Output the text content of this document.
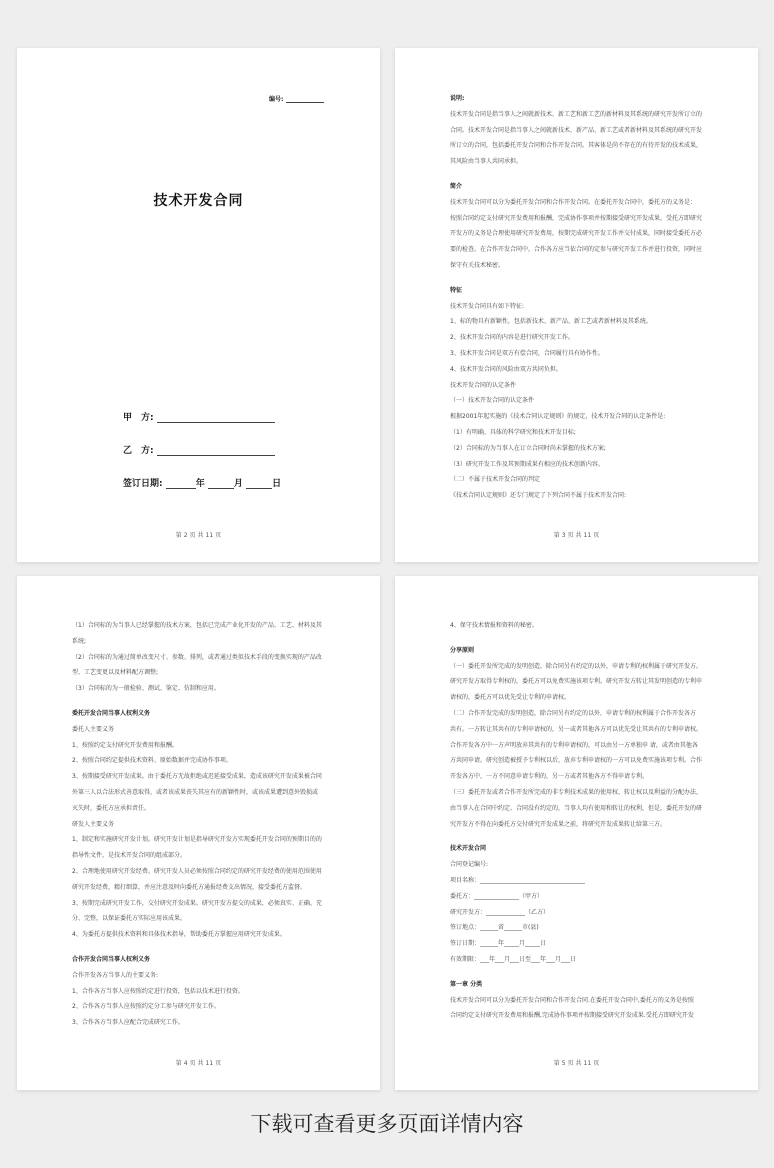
编号:
技术开发合同
甲　方:
乙　方:
签订日期:	年	月	日
第 2 页 共 11 页
说明:
技术开发合同是指当事人之间就新技术、新工艺和新工艺的新材料及其系统的研究开发所订立的
合同。技术开发合同是指当事人之间就新技术、新产品、新工艺或者新材料及其系统的研究开发
所订立的合同，包括委托开发合同和合作开发合同。其客体是尚不存在的有待开发的技术成果，
其风险由当事人共同承担。
简介
技术开发合同可以分为委托开发合同和合作开发合同。在委托开发合同中，委托方的义务是：
按照合同约定支付研究开发费用和报酬，完成协作事项并按期接受研究开发成果。受托方即研究
开发方的义务是合理使用研究开发费用，按期完成研究开发工作并交付成果，同时接受委托方必
要的检查。在合作开发合同中，合作各方应当依合同的定参与研究开发工作并进行投资，同时应
保守有关技术秘密。
特征
技术开发合同具有如下特征:
1、标的物具有新颖性，包括新技术、新产品、新工艺或者新材料及其系统。
2、技术开发合同的内容是进行研究开发工作。
3、技术开发合同是双方有偿合同，合同履行具有协作性。
4、技术开发合同的风险由双方共同负担。
技术开发合同的认定条件
（一）技术开发合同的认定条件
根据2001年起实施的《技术合同认定规则》的规定，技术开发合同的认定条件是:
（1）有明确、具体的科学研究和技术开发目标;
（2）合同标的为当事人在订立合同时尚未掌握的技术方案;
（3）研究开发工作及其预期成果有相应的技术创新内容。
（二）不属于技术开发合同的判定
《技术合同认定规则》还专门规定了下列合同不属于技术开发合同:
第 3 页 共 11 页
（1）合同标的为当事人已经掌握的技术方案，包括已完成产业化开发的产品、工艺、材料及其
系统;
（2）合同标的为通过简单改变尺寸、参数、排列，或者通过类似技术手段的变换实现的产品改
型、工艺变更以及材料配方调整;
（3）合同标的为一般检验、测试、鉴定、仿制和应用。
委托开发合同当事人权利义务
委托人主要义务
1、按照约定支付研究开发费用和报酬。
2、按照合同约定提供技术资料、原始数据并完成协作事项。
3、按期接受研究开发成果。由于委托方无故拒绝或迟延接受成果，造成该研究开发成果被合同
外第三人以合法形式善意取得，或者该成果丧失其应有的新颖性时，或该成果遭到意外毁损或
灭失时，委托方应承担责任。
研发人主要义务
1、制定和实施研究开发计划。研究开发计划是指导研究开发方实现委托开发合同的预期目的的
指导性文件，是技术开发合同的组成部分。
2、合理地使用研究开发经费。研究开发人员必须按照合同约定的研究开发经费的使用范围使用
研究开发经费，精打细算，并应注意及时向委托方通报经费支出情况，接受委托方监督。
3、按期完成研究开发工作，交付研究开发成果。研究开发方提交的成果，必须真实、正确、充
分、完整，以保证委托方实际应用该成果。
4、为委托方提供技术资料和具体技术指导，帮助委托方掌握应用研究开发成果。
合作开发合同当事人权利义务
合作开发各方当事人的主要义务:
1、合作各方当事人应按照约定进行投资，包括以技术进行投资。
2、合作各方当事人应按照约定分工参与研究开发工作。
3、合作各方当事人应配合完成研究工作。
第 4 页 共 11 页
4、保守技术情报和资料的秘密。
分享原则
（一）委托开发所完成的发明创造，除合同另有约定的以外，申请专利的权利属于研究开发方。
研究开发方取得专利权的，委托方可以免费实施该项专利。研究开发方转让其发明创造的专利申
请权的，委托方可以优先受让专利的申请权。
（二）合作开发完成的发明创造，除合同另有约定的以外，申请专利的权利属于合作开发各方
共有。一方转让其共有的专利申请权的，另一或者其他各方可以优先受让其共有的专利申请权。
合作开发各方中一方声明放弃其共有的专利申请权的，可以由另一方单独申 请，或者由其他各
方共同申请。研究创造被授予专利权以后，放弃专利申请权的一方可以免费实施该项专利。合作
开发各方中，一方不同意申请专利的，另一方或者其他各方不得申请专利。
（三）委托开发或者合作开发所完成的非专利技术成果的使用权、转让权以及利益的分配办法，
由当事人在合同中约定。合同没有约定的，当事人均有使用和转让的权利，但是，委托开发的研
究开发方不得在向委托方交付研究开发成果之前，将研究开发成果转让给第三方。
技术开发合同
合同登记编号:
项目名称：___________________________________
委托方：_______________（甲方）
研究开发方：_____________（乙方）
签订地点：______省______市(县)
签订日期：______年_____月_____日
有效期限：___年___月___日至___年___月___日
第一章 分类
技术开发合同可以分为委托开发合同和合作开发合同.在委托开发合同中,委托方的义务是按照
合同约定支付研究开发费用和报酬,完成协作事项并按期接受研究开发成果.受托方即研究开发
第 5 页 共 11 页
下载可查看更多页面详情内容
